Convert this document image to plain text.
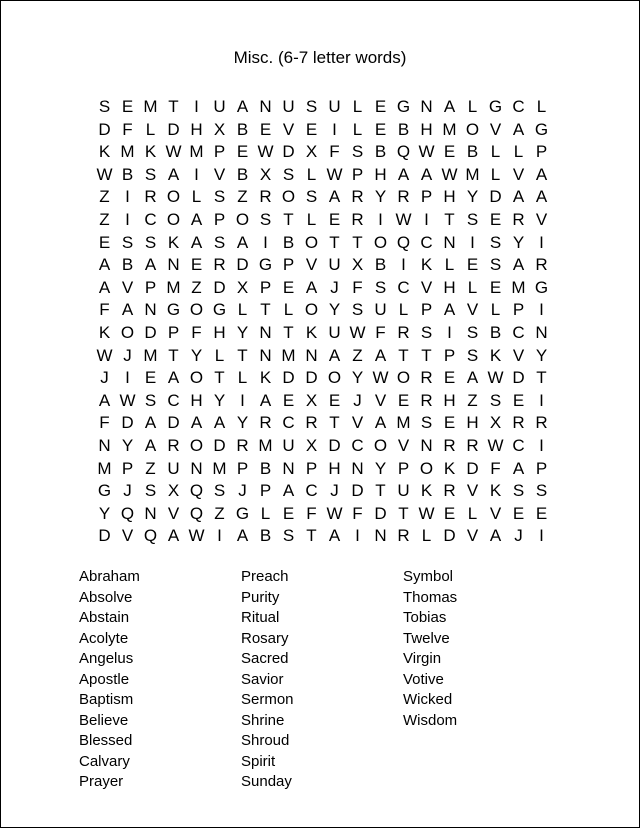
Misc. (6-7 letter words)
S E M T I U A N U S U L E G N A L G C L
D F L D H X B E V E I L E B H M O V A G
K M K W M P E W D X F S B Q W E B L L P
W B S A I V B X S L W P H A A W M L V A
Z I R O L S Z R O S A R Y R P H Y D A A
Z I C O A P O S T L E R I W I T S E R V
E S S K A S A I B O T T O Q C N I S Y I
A B A N E R D G P V U X B I K L E S A R
A V P M Z D X P E A J F S C V H L E M G
F A N G O G L T L O Y S U L P A V L P I
K O D P F H Y N T K U W F R S I S B C N
W J M T Y L T N M N A Z A T T P S K V Y
J I E A O T L K D D O Y W O R E A W D T
A W S C H Y I A E X E J V E R H Z S E I
F D A D A A Y R C R T V A M S E H X R R
N Y A R O D R M U X D C O V N R R W C I
M P Z U N M P B N P H N Y P O K D F A P
G J S X Q S J P A C J D T U K R V K S S
Y Q N V Q Z G L E F W F D T W E L V E E
D V Q A W I A B S T A I N R L D V A J I
Abraham
Absolve
Abstain
Acolyte
Angelus
Apostle
Baptism
Believe
Blessed
Calvary
Prayer
Preach
Purity
Ritual
Rosary
Sacred
Savior
Sermon
Shrine
Shroud
Spirit
Sunday
Symbol
Thomas
Tobias
Twelve
Virgin
Votive
Wicked
Wisdom
